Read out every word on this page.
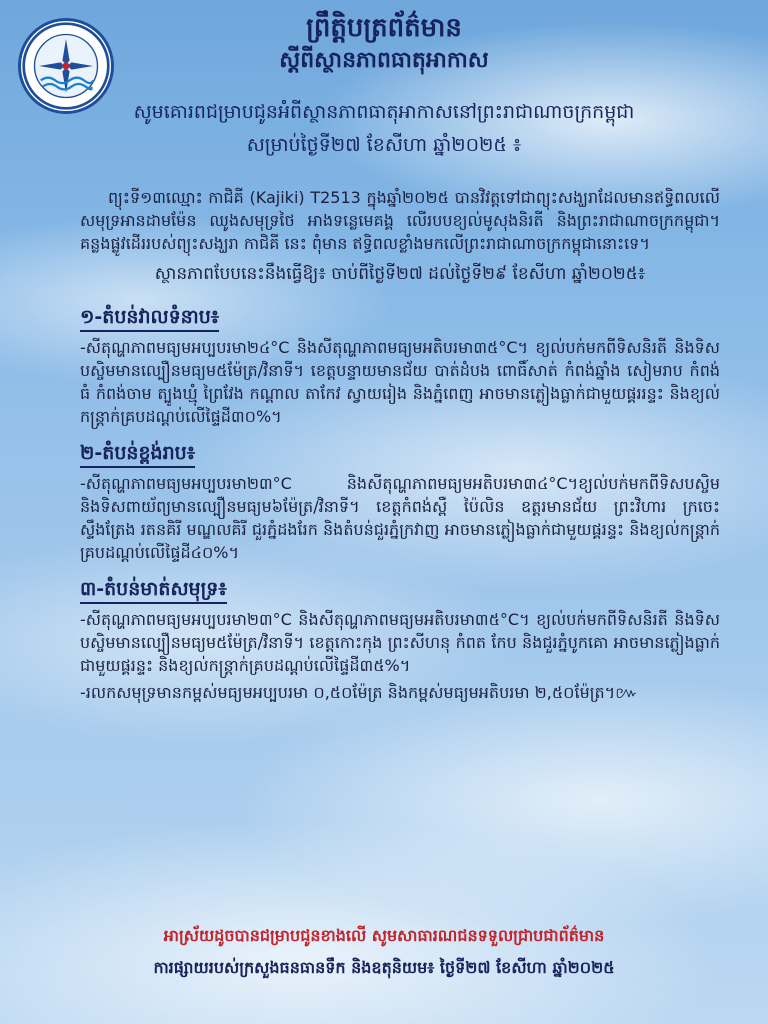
ព្រឹត្តិបត្រព័ត៌មាន
ស្តីពីស្ថានភាពធាតុអាកាស
សូមគោរពជម្រាបជូនអំពីស្ថានភាពធាតុអាកាសនៅព្រះរាជាណាចក្រកម្ពុជា
សម្រាប់ថ្ងៃទី២៧ ខែសីហា ឆ្នាំ២០២៥ ៖

ព្យុះទី១៣ឈ្មោះ កាជិគី (Kajiki) T2513 ក្នុងឆ្នាំ២០២៥ បានវិវត្តទៅជាព្យុះសង្ឃរាដែលមានឥទ្ធិពលលើសមុទ្រអានដាមម៉ែន ឈូងសមុទ្រថៃ អាងទន្លេមេគង្គ លើរបបខ្យល់មូសុងនិរតី និងព្រះរាជាណាចក្រកម្ពុជា។ គន្លងផ្លូវដើររបស់ព្យុះសង្ឃរា កាជិគី នេះ ពុំមាន ឥទ្ធិពលខ្លាំងមកលើព្រះរាជាណាចក្រកម្ពុជានោះទេ។

ស្ថានភាពបែបនេះនឹងធ្វើឱ្យ៖ ចាប់ពីថ្ងៃទី២៧ ដល់ថ្ងៃទី២៩ ខែសីហា ឆ្នាំ២០២៥៖

១-តំបន់វាលទំនាប៖

-សីតុណ្ហភាពមធ្យមអប្បបរមា២៤°C និងសីតុណ្ហភាពមធ្យមអតិបរមា៣៥°C។ ខ្យល់បក់មកពីទិសនិរតី និងទិសបស្ចិមមានល្បឿនមធ្យម៥ម៉ែត្រ/វិនាទី។ ខេត្តបន្ទាយមានជ័យ បាត់ដំបង ពោធិ៍សាត់ កំពង់ឆ្នាំង សៀមរាប កំពង់ធំ កំពង់ចាម ត្បូងឃ្មុំ ព្រៃវែង កណ្ដាល តាកែវ ស្វាយរៀង និងភ្នំពេញ អាចមានភ្លៀងធ្លាក់ជាមួយផ្គររន្ទះ និងខ្យល់កន្ត្រាក់គ្របដណ្តប់លើផ្ទៃដី៣០%។

២-តំបន់ខ្ពង់រាប៖

-សីតុណ្ហភាពមធ្យមអប្បបរមា២៣°C និងសីតុណ្ហភាពមធ្យមអតិបរមា៣៤°C។ខ្យល់បក់មកពីទិសបស្ចិម និងទិសពាយ័ព្យមានល្បឿនមធ្យម៦ម៉ែត្រ/វិនាទី។ ខេត្តកំពង់ស្ពឺ ប៉ៃលិន ឧត្តរមានជ័យ ព្រះវិហារ ក្រចេះ ស្ទឹងត្រែង រតនគិរី មណ្ឌលគិរី ជួរភ្នំដងរែក និងតំបន់ជួរភ្នំក្រវាញ អាចមានភ្លៀងធ្លាក់ជាមួយផ្គរន្ទះ និងខ្យល់កន្ត្រាក់គ្របដណ្តប់លើផ្ទៃដី៤០%។

៣-តំបន់មាត់សមុទ្រ៖

-សីតុណ្ហភាពមធ្យមអប្បបរមា២៣°C និងសីតុណ្ហភាពមធ្យមអតិបរមា៣៥°C។ ខ្យល់បក់មកពីទិសនិរតី និងទិសបស្ចិមមានល្បឿនមធ្យម៥ម៉ែត្រ/វិនាទី។ ខេត្តកោះកុង ព្រះសីហនុ កំពត កែប និងជួរភ្នំបូកគោ អាចមានភ្លៀងធ្លាក់ជាមួយផ្គរន្ទះ និងខ្យល់កន្ត្រាក់គ្របដណ្តប់លើផ្ទៃដី៣៥%។

-រលកសមុទ្រមានកម្ពស់មធ្យមអប្បបរមា ០,៥០ម៉ែត្រ និងកម្ពស់មធ្យមអតិបរមា ២,៥០ម៉ែត្រ។៚

អាស្រ័យដូចបានជម្រាបជូនខាងលើ សូមសាធារណជនទទួលជ្រាបជាព័ត៌មាន
ការផ្សាយរបស់ក្រសួងធនធានទឹក និងឧតុនិយម៖ ថ្ងៃទី២៧ ខែសីហា ឆ្នាំ២០២៥
